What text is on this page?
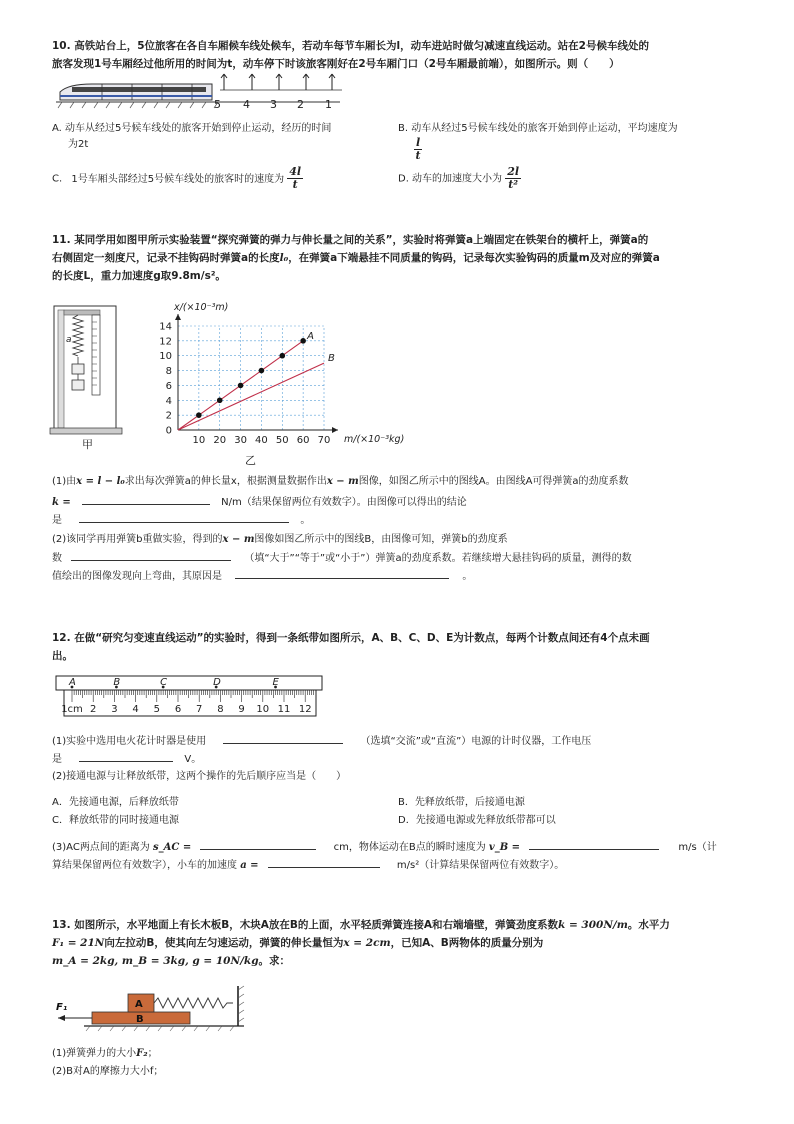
10. 高铁站台上，5位旅客在各自车厢候车线处候车，若动车每节车厢长为l，动车进站时做匀减速直线运动。站在2号候车线处的
旅客发现1号车厢经过他所用的时间为t，动车停下时该旅客刚好在2号车厢门口（2号车厢最前端），如图所示。则（　　）
5 4 3 2 1
A. 动车从经过5号候车线处的旅客开始到停止运动，经历的时间
为2t
B. 动车从经过5号候车线处的旅客开始到停止运动，平均速度为
$\frac{l}{t}$
C. 1号车厢头部经过5号候车线处的旅客时的速度为 $\frac{4l}{t}$	D. 动车的加速度大小为 $\frac{2l}{\text{t²}}$
11. 某同学用如图甲所示实验装置“探究弹簧的弹力与伸长量之间的关系”，实验时将弹簧a上端固定在铁架台的横杆上，弹簧a的
右侧固定一刻度尺，记录不挂钩码时弹簧a的长度l₀，在弹簧a下端悬挂不同质量的钩码，记录每次实验钩码的质量m及对应的弹簧a
的长度L，重力加速度g取9.8m/s²。
a
甲	10 20 30 40 50 60 70
0
2
4
6
8
10
12
14
x/(×10⁻³m)
m/(×10⁻³kg)
A
B
乙
(1)由x = l − l₀求出每次弹簧a的伸长量x，根据测量数据作出x − m图像，如图乙所示中的图线A。由图线A可得弹簧a的劲度系数
k =	N/m（结果保留两位有效数字）。由图像可以得出的结论
是	。
(2)该同学再用弹簧b重做实验，得到的x − m图像如图乙所示中的图线B，由图像可知，弹簧b的劲度系
数	（填“大于”“等于”或“小于”）弹簧a的劲度系数。若继续增大悬挂钩码的质量，测得的数
值绘出的图像发现向上弯曲，其原因是	。
12. 在做“研究匀变速直线运动”的实验时，得到一条纸带如图所示，A、B、C、D、E为计数点，每两个计数点间还有4个点未画
出。
1cm 2 3 4 5 6 7 8 9 10 11 12
A	B	C	D	E
(1)实验中选用电火花计时器是使用	（选填“交流”或“直流”）电源的计时仪器，工作电压
是	V。
(2)接通电源与让释放纸带，这两个操作的先后顺序应当是（　　）
A．先接通电源，后释放纸带	B．先释放纸带，后接通电源
C．释放纸带的同时接通电源	D．先接通电源或先释放纸带都可以
(3)AC两点间的距离为 s_AC =	cm，物体运动在B点的瞬时速度为 v_B =	m/s（计
算结果保留两位有效数字），小车的加速度 a =	m/s²（计算结果保留两位有效数字）。
13. 如图所示，水平地面上有长木板B，木块A放在B的上面，水平轻质弹簧连接A和右端墙壁，弹簧劲度系数k = 300N/m。水平力
F₁ = 21N向左拉动B，使其向左匀速运动，弹簧的伸长量恒为x = 2cm，已知A、B两物体的质量分别为
m_A = 2kg, m_B = 3kg, g = 10N/kg。求：
B
A
F₁
(1)弹簧弹力的大小F₂；
(2)B对A的摩擦力大小f；
